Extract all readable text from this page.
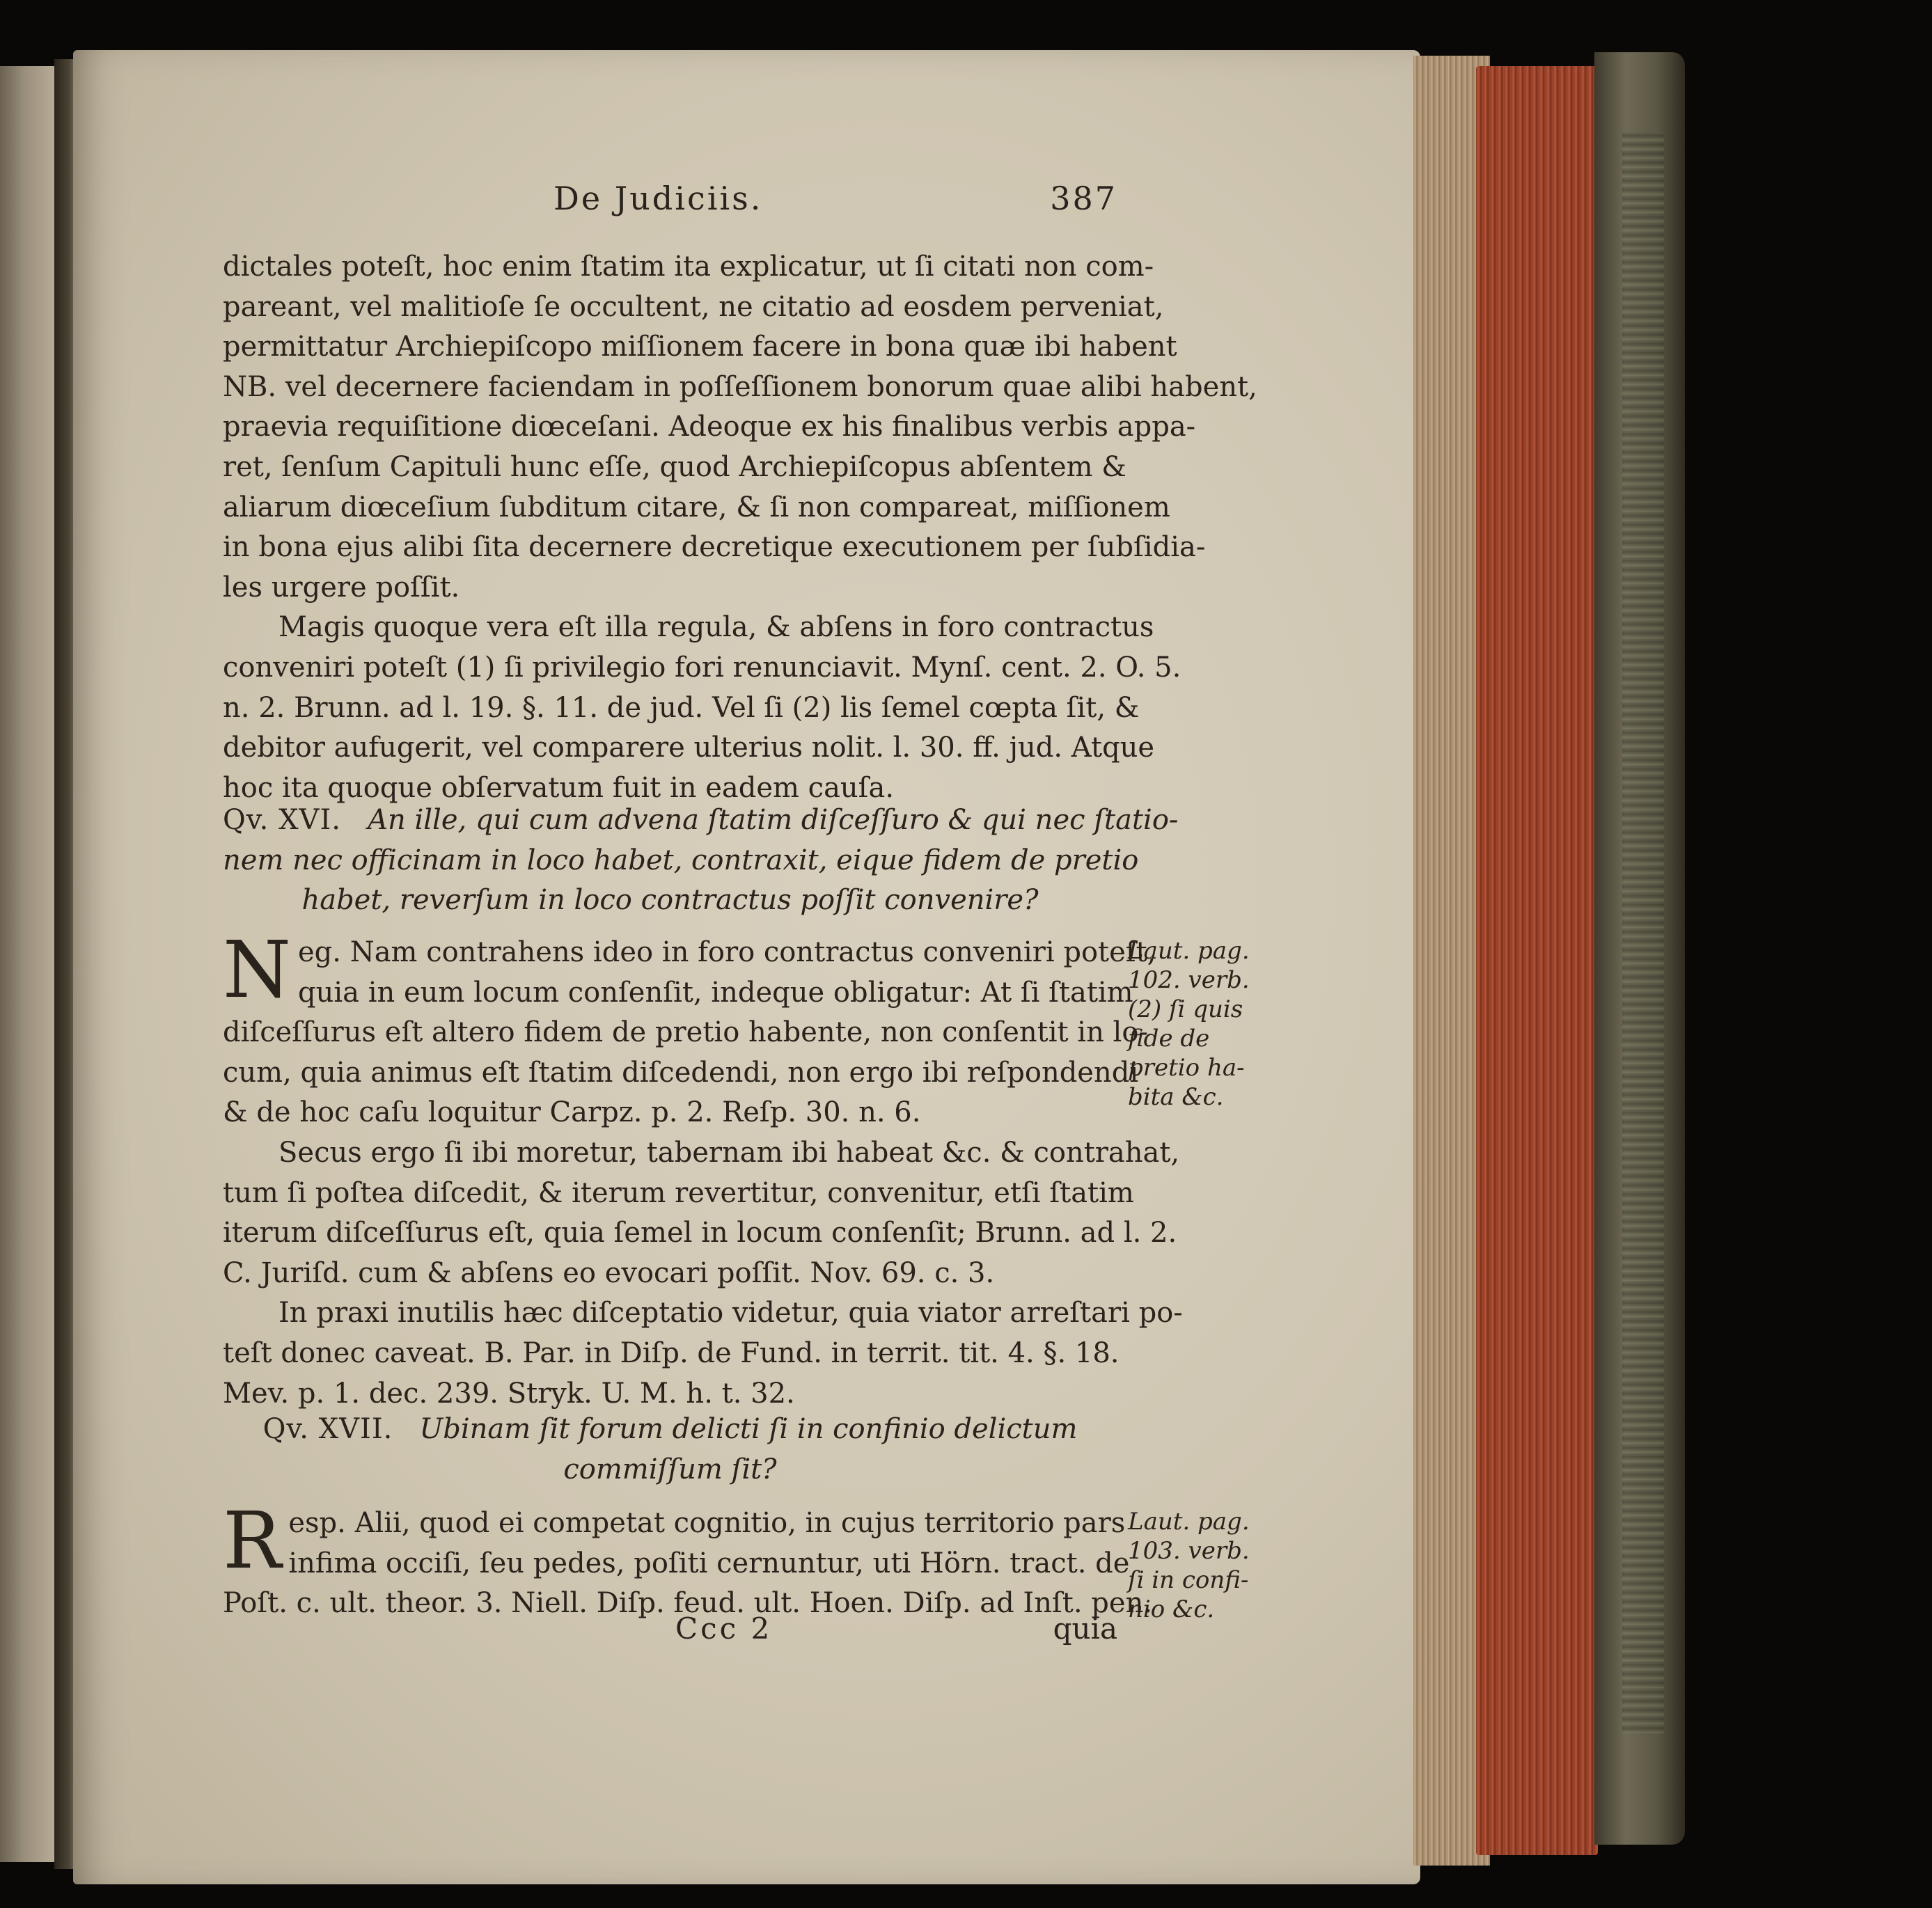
De Judiciis.	387
dictales poteſt, hoc enim ſtatim ita explicatur, ut ſi citati non com-
pareant, vel malitioſe ſe occultent, ne citatio ad eosdem perveniat,
permittatur Archiepiſcopo miſſionem facere in bona quæ ibi habent
NB. vel decernere faciendam in poſſeſſionem bonorum quae alibi habent,
praevia requiſitione diœceſani. Adeoque ex his finalibus verbis appa-
ret, ſenſum Capituli hunc eſſe, quod Archiepiſcopus abſentem &
aliarum diœceſium ſubditum citare, & ſi non compareat, miſſionem
in bona ejus alibi ſita decernere decretique executionem per ſubſidia-
les urgere poſſit.
Magis quoque vera eſt illa regula, & abſens in foro contractus
conveniri poteſt (1) ſi privilegio fori renunciavit. Mynſ. cent. 2. O. 5.
n. 2. Brunn. ad l. 19. §. 11. de jud. Vel ſi (2) lis ſemel cœpta ſit, &
debitor aufugerit, vel comparere ulterius nolit. l. 30. ff. jud. Atque
hoc ita quoque obſervatum fuit in eadem cauſa.
Qv. XVI. An ille, qui cum advena ſtatim diſceſſuro & qui nec ſtatio-
nem nec officinam in loco habet, contraxit, eique fidem de pretio
habet, reverſum in loco contractus poſſit convenire?
N eg. Nam contrahens ideo in foro contractus conveniri poteſt,
quia in eum locum conſenſit, indeque obligatur: At ſi ſtatim
diſceſſurus eſt altero fidem de pretio habente, non conſentit in lo-
cum, quia animus eſt ſtatim diſcedendi, non ergo ibi reſpondendi
& de hoc caſu loquitur Carpz. p. 2. Reſp. 30. n. 6.
Secus ergo ſi ibi moretur, tabernam ibi habeat &c. & contrahat,
tum ſi poſtea diſcedit, & iterum revertitur, convenitur, etſi ſtatim
iterum diſceſſurus eſt, quia ſemel in locum conſenſit; Brunn. ad l. 2.
C. Juriſd. cum & abſens eo evocari poſſit. Nov. 69. c. 3.
In praxi inutilis hæc diſceptatio videtur, quia viator arreſtari po-
teſt donec caveat. B. Par. in Diſp. de Fund. in territ. tit. 4. §. 18.
Mev. p. 1. dec. 239. Stryk. U. M. h. t. 32.
Laut. pag.
102. verb.
(2) ſi quis
fide de
pretio ha-
bita &c.
Qv. XVII. Ubinam ſit forum delicti ſi in confinio delictum
commiſſum ſit?
R esp. Alii, quod ei competat cognitio, in cujus territorio pars
infima occiſi, ſeu pedes, poſiti cernuntur, uti Hörn. tract. de
Poſt. c. ult. theor. 3. Niell. Diſp. feud. ult. Hoen. Diſp. ad Inſt. pen.
Laut. pag.
103. verb.
ſi in confi-
nio &c.
Ccc 2	quia
